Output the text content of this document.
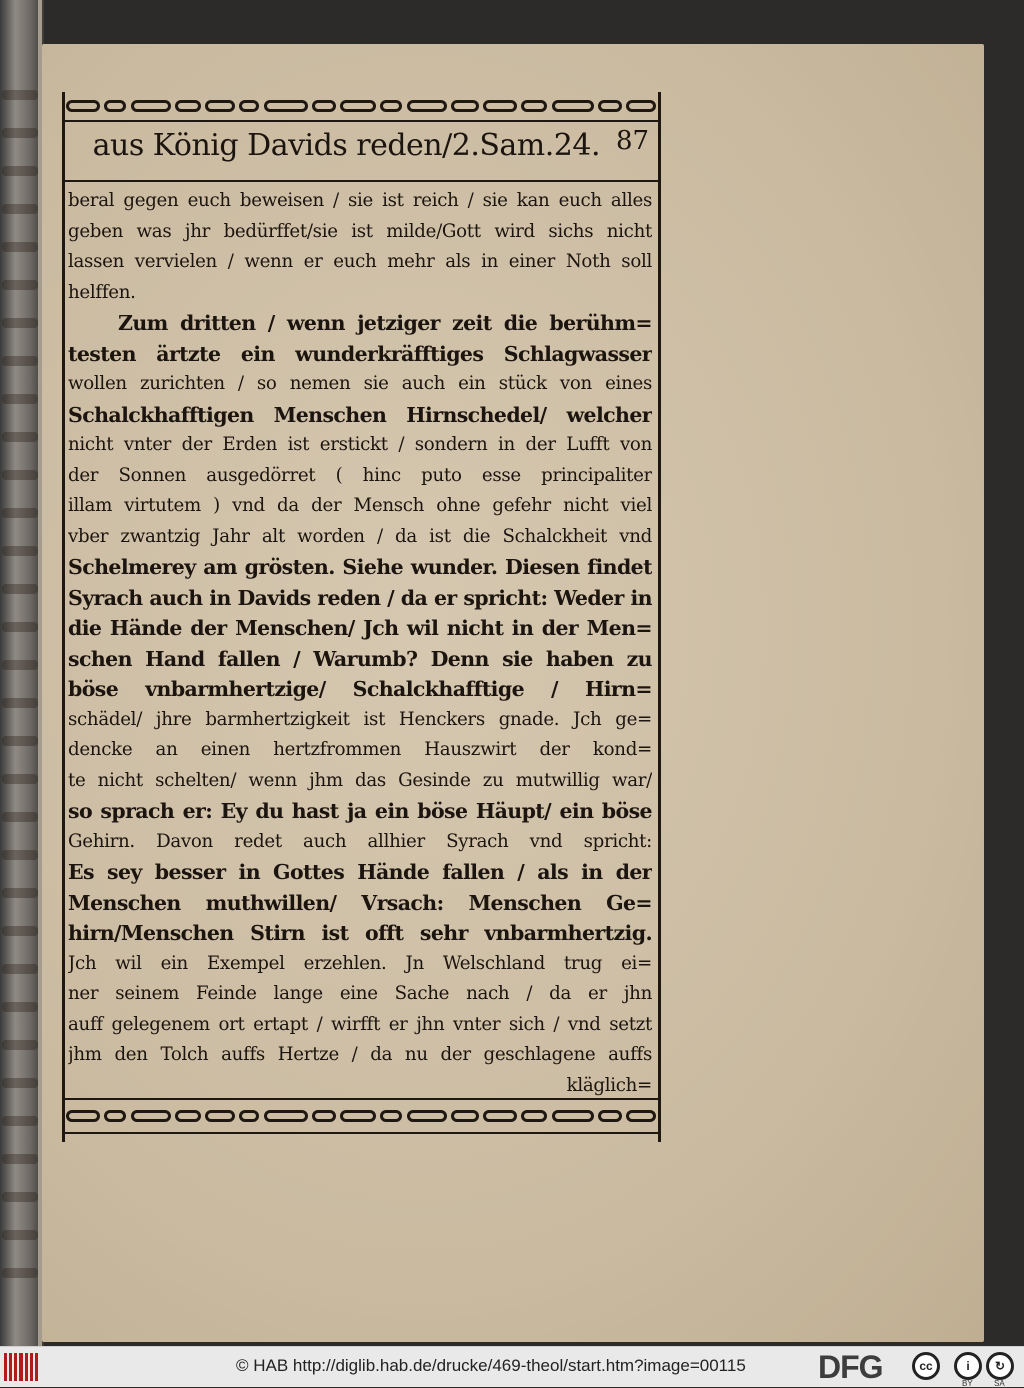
aus König Davids reden/2.Sam.24. 87
beral gegen euch beweisen / sie ist reich / sie kan euch alles
geben was jhr bedürffet/sie ist milde/Gott wird sichs nicht
lassen vervielen / wenn er euch mehr als in einer Noth soll
helffen.
Zum dritten / wenn jetziger zeit die berühm=
testen ärtzte ein wunderkräfftiges Schlagwasser
wollen zurichten / so nemen sie auch ein stück von eines
Schalckhafftigen Menschen Hirnschedel/ welcher
nicht vnter der Erden ist erstickt / sondern in der Lufft von
der Sonnen ausgedörret ( hinc puto esse principaliter
illam virtutem ) vnd da der Mensch ohne gefehr nicht viel
vber zwantzig Jahr alt worden / da ist die Schalckheit vnd
Schelmerey am grösten. Siehe wunder. Diesen findet
Syrach auch in Davids reden / da er spricht: Weder in
die Hände der Menschen/ Jch wil nicht in der Men=
schen Hand fallen / Warumb? Denn sie haben zu
böse vnbarmhertzige/ Schalckhafftige / Hirn=
schädel/ jhre barmhertzigkeit ist Henckers gnade. Jch ge=
dencke an einen hertzfrommen Hauszwirt der kond=
te nicht schelten/ wenn jhm das Gesinde zu mutwillig war/
so sprach er: Ey du hast ja ein böse Häupt/ ein böse
Gehirn. Davon redet auch allhier Syrach vnd spricht:
Es sey besser in Gottes Hände fallen / als in der
Menschen muthwillen/ Vrsach: Menschen Ge=
hirn/Menschen Stirn ist offt sehr vnbarmhertzig.
Jch wil ein Exempel erzehlen. Jn Welschland trug ei=
ner seinem Feinde lange eine Sache nach / da er jhn
auff gelegenem ort ertapt / wirfft er jhn vnter sich / vnd setzt
jhm den Tolch auffs Hertze / da nu der geschlagene auffs
kläglich=
© HAB http://diglib.hab.de/drucke/469-theol/start.htm?image=00115 DFG	cc	i	↻
BY	SA
